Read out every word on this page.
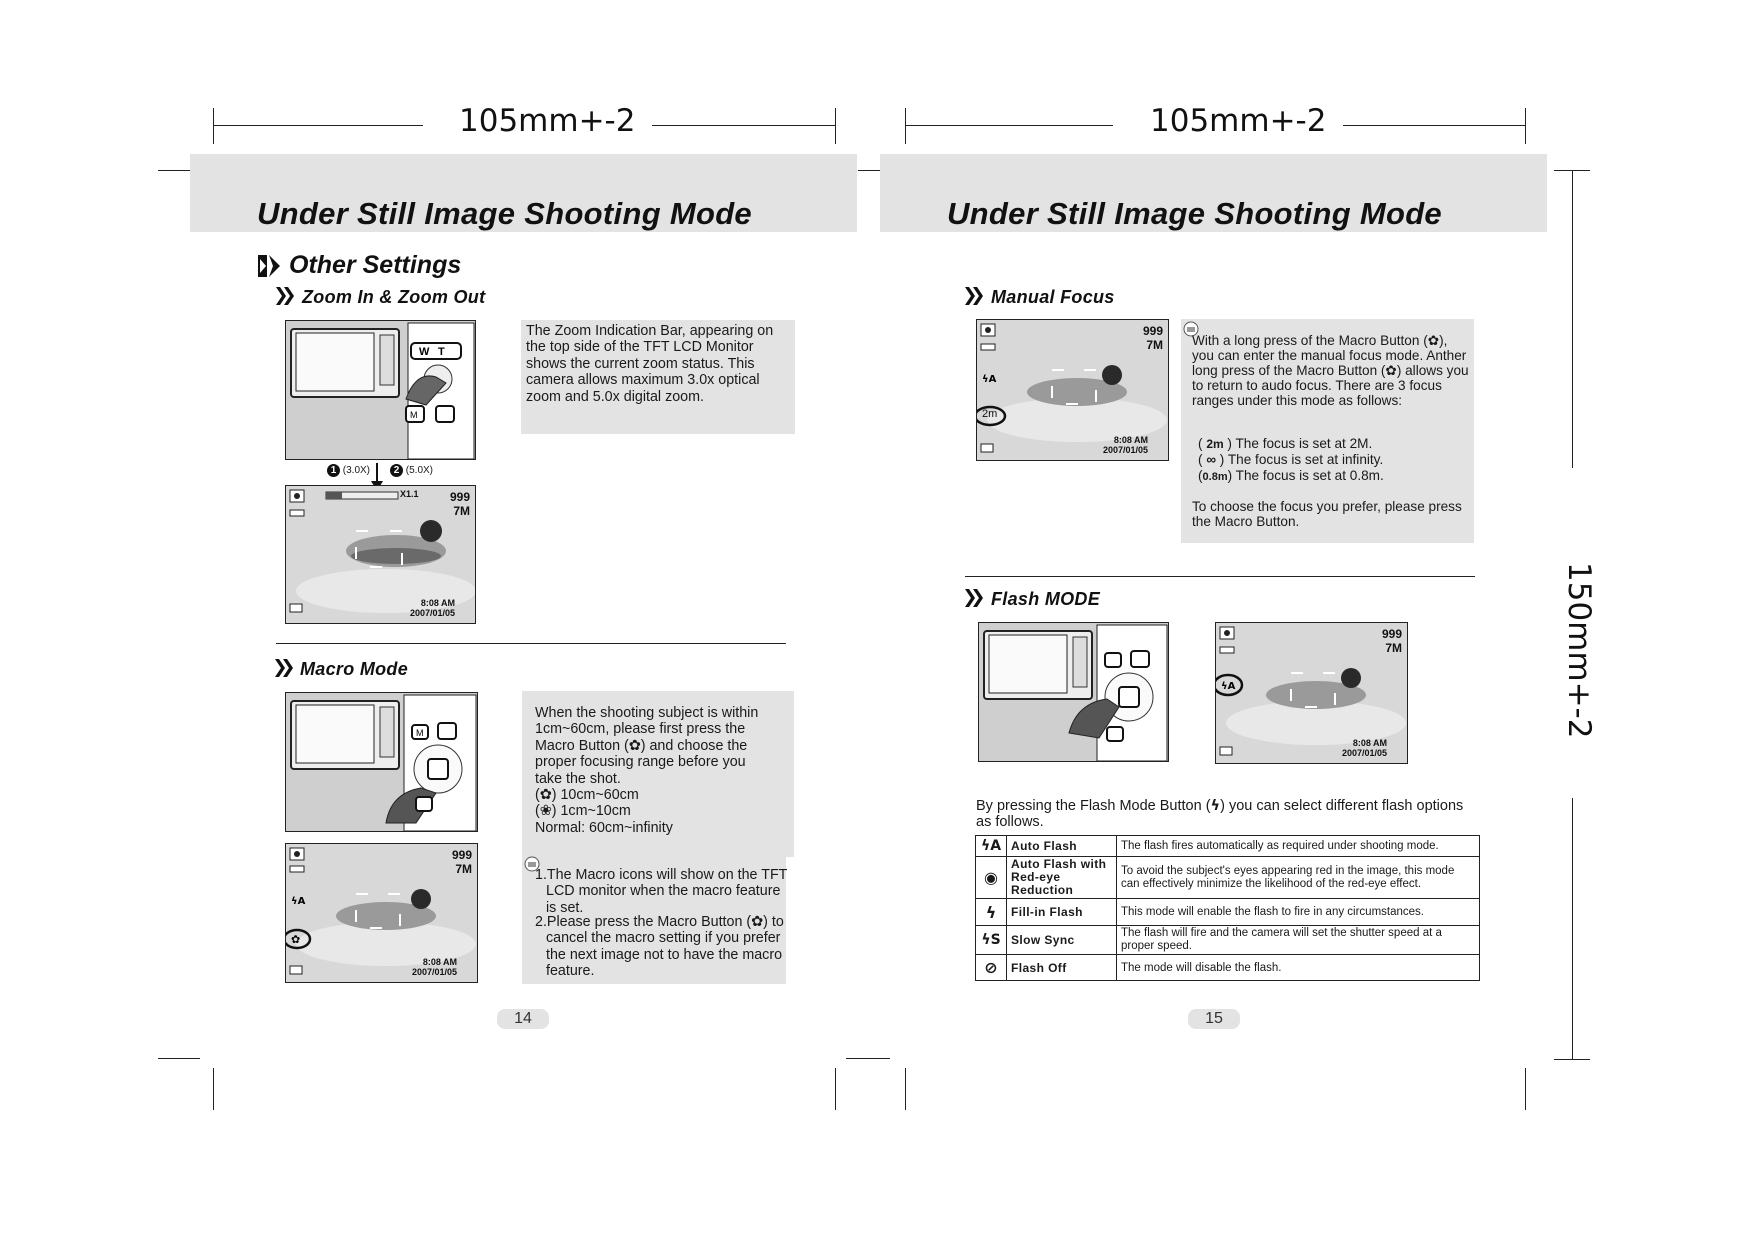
105mm+-2	105mm+-2
150mm+-2
Under Still Image Shooting Mode
Other Settings
Zoom In & Zoom Out
W T
M
1 (3.0X)	2 (5.0X)
X1.1	999
7M
8:08 AM
2007/01/05

The Zoom Indication Bar, appearing on the top side of the TFT LCD Monitor shows the current zoom status. This camera allows maximum 3.0x optical zoom and 5.0x digital zoom.

Macro Mode
M
ϟA
✿
999
7M
8:08 AM
2007/01/05

When the shooting subject is within

1cm~60cm, please first press the

Macro Button (✿) and choose the

proper focusing range before you

take the shot.

(✿) 10cm~60cm

(❀) 1cm~10cm

Normal: 60cm~infinity

1.The Macro icons will show on the TFT LCD monitor when the macro feature is set.

2.Please press the Macro Button (✿) to cancel the macro setting if you prefer the next image not to have the macro feature.

14
Under Still Image Shooting Mode
Manual Focus
ϟA
2m
999
7M
8:08 AM
2007/01/05

With a long press of the Macro Button (✿), you can enter the manual focus mode. Anther long press of the Macro Button (✿) allows you to return to audo focus. There are 3 focus ranges under this mode as follows:

( 2m ) The focus is set at 2M.
( ∞ ) The focus is set at infinity.
(0.8m) The focus is set at 0.8m.

To choose the focus you prefer, please press the Macro Button.

Flash MODE
ϟA
999
7M
8:08 AM
2007/01/05
By pressing the Flash Mode Button (ϟ) you can select different flash options as follows.
ϟA	Auto Flash	The flash fires automatically as required under shooting mode.
◉	Auto Flash with Red-eye Reduction	To avoid the subject's eyes appearing red in the image, this mode can effectively minimize the likelihood of the red-eye effect.
ϟ	Fill-in Flash	This mode will enable the flash to fire in any circumstances.
ϟS	Slow Sync	The flash will fire and the camera will set the shutter speed at a proper speed.
⊘	Flash Off	The mode will disable the flash.
15
